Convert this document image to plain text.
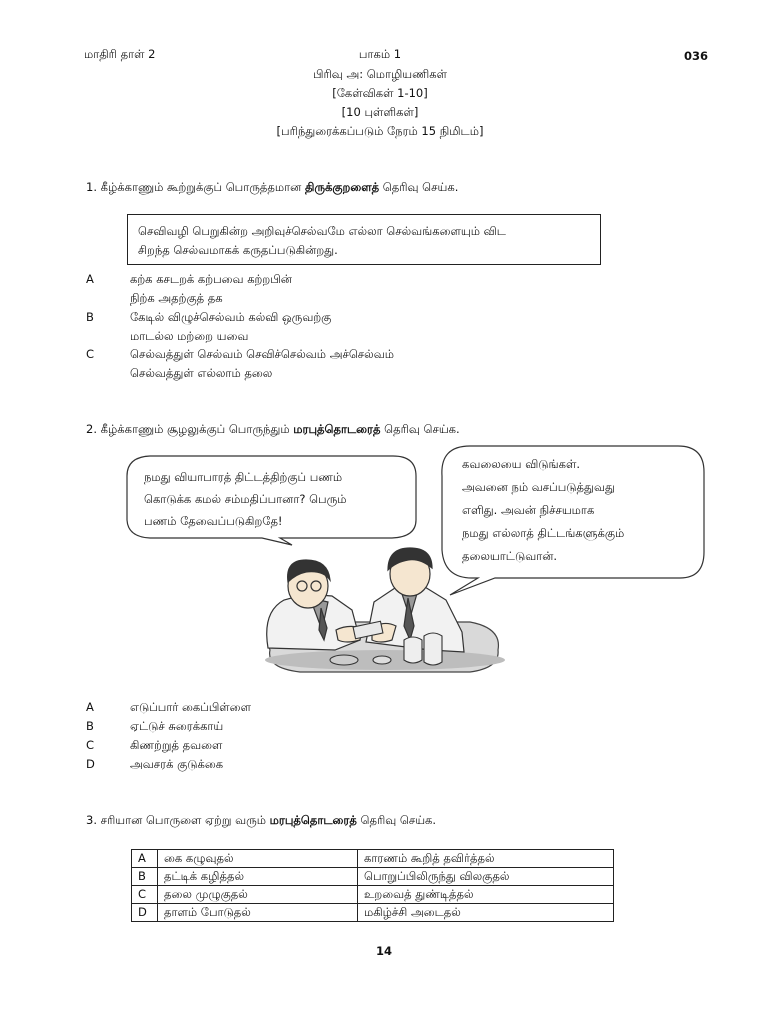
மாதிரி தாள் 2	036
பாகம் 1
பிரிவு அ: மொழியணிகள்
[கேள்விகள் 1-10]
[10 புள்ளிகள்]
[பரிந்துரைக்கப்படும் நேரம் 15 நிமிடம்]
1. கீழ்க்காணும் கூற்றுக்குப் பொருத்தமான திருக்குறளைத் தெரிவு செய்க.
செவிவழி பெறுகின்ற அறிவுச்செல்வமே எல்லா செல்வங்களையும் விட
சிறந்த செல்வமாகக் கருதப்படுகின்றது.
A	கற்க கசடறக் கற்பவை கற்றபின்
நிற்க அதற்குத் தக
B	கேடில் விழுச்செல்வம் கல்வி ஒருவற்கு
மாடல்ல மற்றை யவை
C	செல்வத்துள் செல்வம் செவிச்செல்வம் அச்செல்வம்
செல்வத்துள் எல்லாம் தலை
2. கீழ்க்காணும் சூழலுக்குப் பொருந்தும் மரபுத்தொடரைத் தெரிவு செய்க.
நமது வியாபாரத் திட்டத்திற்குப் பணம்
கொடுக்க கமல் சம்மதிப்பானா? பெரும்
பணம் தேவைப்படுகிறதே!
கவலையை விடுங்கள்.
அவனை நம் வசப்படுத்துவது
எளிது. அவன் நிச்சயமாக
நமது எல்லாத் திட்டங்களுக்கும்
தலையாட்டுவான்.
A	எடுப்பார் கைப்பிள்ளை
B	ஏட்டுச் சுரைக்காய்
C	கிணற்றுத் தவளை
D	அவசரக் குடுக்கை
3. சரியான பொருளை ஏற்று வரும் மரபுத்தொடரைத் தெரிவு செய்க.
A	கை கழுவுதல்	காரணம் கூறித் தவிர்த்தல்
B	தட்டிக் கழித்தல்	பொறுப்பிலிருந்து விலகுதல்
C	தலை முழுகுதல்	உறவைத் துண்டித்தல்
D	தாளம் போடுதல்	மகிழ்ச்சி அடைதல்
14
